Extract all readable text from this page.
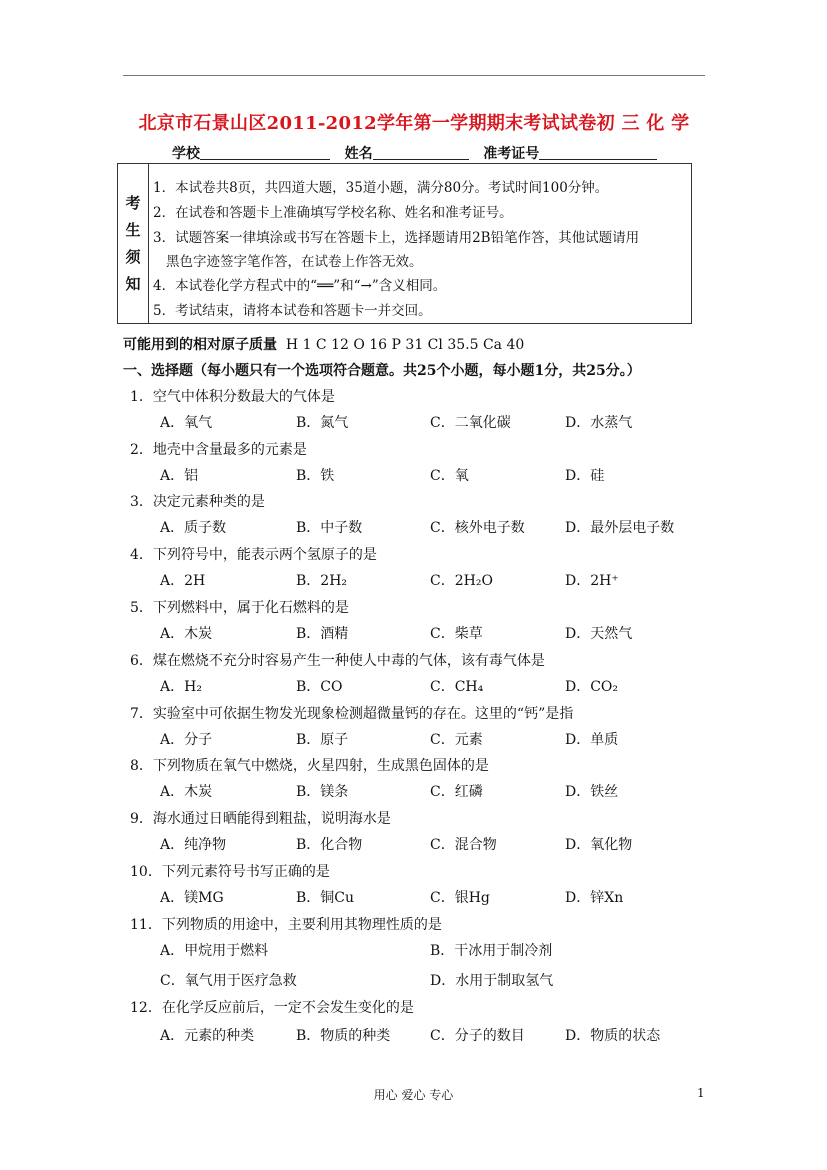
北京市石景山区2011-2012学年第一学期期末考试试卷初 三 化 学
学校	姓名	准考证号
考
生
须
知
1．本试卷共8页，共四道大题，35道小题，满分80分。考试时间100分钟。
2．在试卷和答题卡上准确填写学校名称、姓名和准考证号。
3．试题答案一律填涂或书写在答题卡上，选择题请用2B铅笔作答，其他试题请用
黑色字迹签字笔作答，在试卷上作答无效。
4．本试卷化学方程式中的“══”和“→”含义相同。
5．考试结束，请将本试卷和答题卡一并交回。
可能用到的相对原子质量 H 1 C 12 O 16 P 31 Cl 35.5 Ca 40
一、选择题（每小题只有一个选项符合题意。共25个小题，每小题1分，共25分。）
1．空气中体积分数最大的气体是
A．氧气	B．氮气	C．二氧化碳	D．水蒸气
2．地壳中含量最多的元素是
A．铝	B．铁	C．氧	D．硅
3．决定元素种类的是
A．质子数	B．中子数	C．核外电子数	D．最外层电子数
4．下列符号中，能表示两个氢原子的是
A．2H	B．2H₂	C．2H₂O	D．2H⁺
5．下列燃料中，属于化石燃料的是
A．木炭	B．酒精	C．柴草	D．天然气
6．煤在燃烧不充分时容易产生一种使人中毒的气体，该有毒气体是
A．H₂	B．CO	C．CH₄	D．CO₂
7．实验室中可依据生物发光现象检测超微量钙的存在。这里的“钙”是指
A．分子	B．原子	C．元素	D．单质
8．下列物质在氧气中燃烧，火星四射，生成黑色固体的是
A．木炭	B．镁条	C．红磷	D．铁丝
9．海水通过日晒能得到粗盐，说明海水是
A．纯净物	B．化合物	C．混合物	D．氧化物
10．下列元素符号书写正确的是
A．镁MG	B．铜Cu	C．银Hg	D．锌Xn
11．下列物质的用途中，主要利用其物理性质的是
A．甲烷用于燃料	B．干冰用于制冷剂
C．氧气用于医疗急救	D．水用于制取氢气
12．在化学反应前后，一定不会发生变化的是
A．元素的种类	B．物质的种类	C．分子的数目	D．物质的状态
用心 爱心 专心	1
